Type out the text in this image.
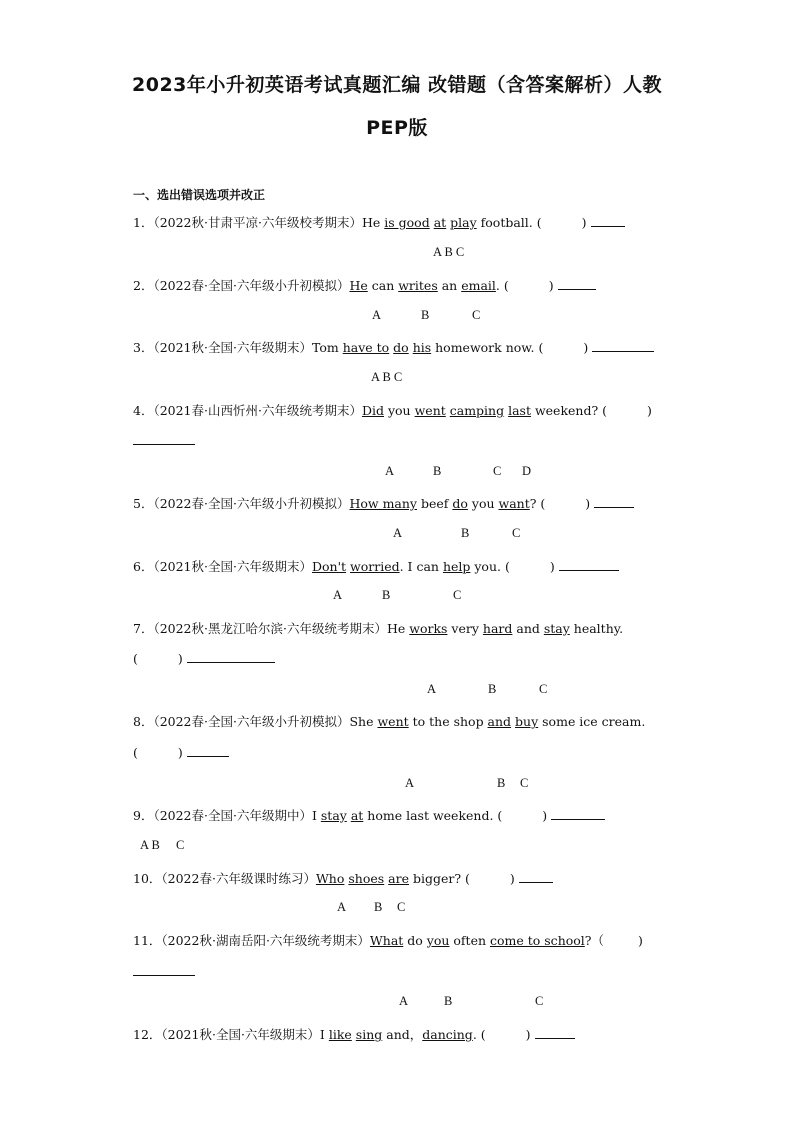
2023年小升初英语考试真题汇编 改错题（含答案解析）人教
PEP版
一、选出错误选项并改正
1．（2022秋·甘肃平凉·六年级校考期末）He is good at play football. (	)
A B C
2．（2022春·全国·六年级小升初模拟）He can writes an email. (	)
A	B	C
3．（2021秋·全国·六年级期末）Tom have to do his homework now. (	)
A B C
4．（2021春·山西忻州·六年级统考期末）Did you went camping last weekend? (	)
A	B	C D
5．（2022春·全国·六年级小升初模拟）How many beef do you want? (	)
A	B	C
6．（2021秋·全国·六年级期末）Don't worried. I can help you. (	)
A	B	C
7．（2022秋·黑龙江哈尔滨·六年级统考期末）He works very hard and stay healthy.
(	)
A	B	C
8．（2022春·全国·六年级小升初模拟）She went to the shop and buy some ice cream.
(	)
A	B C
9．（2022春·全国·六年级期中）I stay at home last weekend. (	)
A B C
10．（2022春·六年级课时练习）Who shoes are bigger? (	)
A B C
11．（2022秋·湖南岳阳·六年级统考期末）What do you often come to school?（	)
A	B	C
12．（2021秋·全国·六年级期末）I like sing and，dancing. (	)
